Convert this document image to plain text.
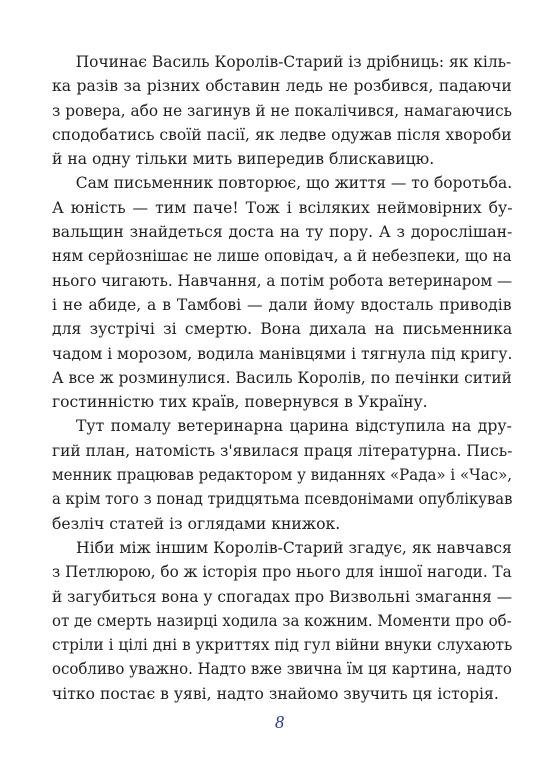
Починає Василь Королів-Старий із дрібниць: як кіль-
ка разів за різних обставин ледь не розбився, падаючи
з ровера, або не загинув й не покалічився, намагаючись
сподобатись своїй пасії, як ледве одужав після хвороби
й на одну тільки мить випередив блискавицю.

Сам письменник повторює, що життя — то боротьба.
А юність — тим паче! Тож і всіляких неймовірних бу-
вальщин знайдеться доста на ту пору. А з дорослішан-
ням серйознішає не лише оповідач, а й небезпеки, що на
нього чигають. Навчання, а потім робота ветеринаром —
і не абиде, а в Тамбові — дали йому вдосталь приводів
для зустрічі зі смертю. Вона дихала на письменника
чадом і морозом, водила манівцями і тягнула під кригу.
А все ж розминулися. Василь Королів, по печінки ситий
гостинністю тих країв, повернувся в Україну.

Тут помалу ветеринарна царина відступила на дру-
гий план, натомість з'явилася праця літературна. Пись-
менник працював редактором у виданнях «Рада» і «Час»,
а крім того з понад тридцятьма псевдонімами опублікував
безліч статей із оглядами книжок.

Ніби між іншим Королів-Старий згадує, як навчався
з Петлюрою, бо ж історія про нього для іншої нагоди. Та
й загубиться вона у спогадах про Визвольні змагання —
от де смерть назирці ходила за кожним. Моменти про об-
стріли і цілі дні в укриттях під гул війни внуки слухають
особливо уважно. Надто вже звична їм ця картина, надто
чітко постає в уяві, надто знайомо звучить ця історія.

8
